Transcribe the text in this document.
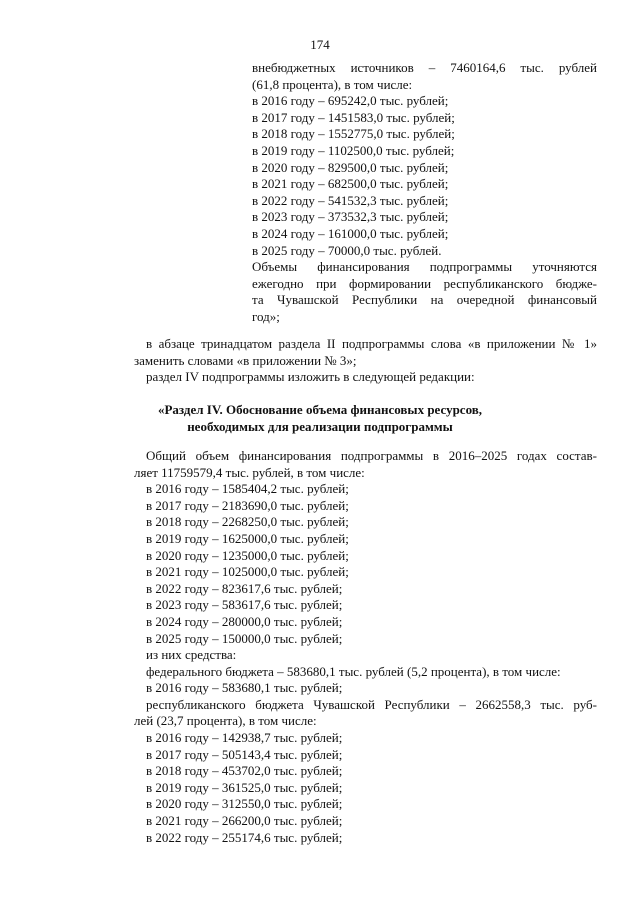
174
внебюджетных источников – 7460164,6 тыс. рублей
(61,8 процента), в том числе:
в 2016 году – 695242,0 тыс. рублей;
в 2017 году – 1451583,0 тыс. рублей;
в 2018 году – 1552775,0 тыс. рублей;
в 2019 году – 1102500,0 тыс. рублей;
в 2020 году – 829500,0 тыс. рублей;
в 2021 году – 682500,0 тыс. рублей;
в 2022 году – 541532,3 тыс. рублей;
в 2023 году – 373532,3 тыс. рублей;
в 2024 году – 161000,0 тыс. рублей;
в 2025 году – 70000,0 тыс. рублей.
Объемы финансирования подпрограммы уточняются
ежегодно при формировании республиканского бюдже-
та Чувашской Республики на очередной финансовый
год»;
в абзаце тринадцатом раздела II подпрограммы слова «в приложении № 1»
заменить словами «в приложении № 3»;
раздел IV подпрограммы изложить в следующей редакции:
«Раздел IV. Обоснование объема финансовых ресурсов,
необходимых для реализации подпрограммы
Общий объем финансирования подпрограммы в 2016–2025 годах состав-
ляет 11759579,4 тыс. рублей, в том числе:
в 2016 году – 1585404,2 тыс. рублей;
в 2017 году – 2183690,0 тыс. рублей;
в 2018 году – 2268250,0 тыс. рублей;
в 2019 году – 1625000,0 тыс. рублей;
в 2020 году – 1235000,0 тыс. рублей;
в 2021 году – 1025000,0 тыс. рублей;
в 2022 году – 823617,6 тыс. рублей;
в 2023 году – 583617,6 тыс. рублей;
в 2024 году – 280000,0 тыс. рублей;
в 2025 году – 150000,0 тыс. рублей;
из них средства:
федерального бюджета – 583680,1 тыс. рублей (5,2 процента), в том числе:
в 2016 году – 583680,1 тыс. рублей;
республиканского бюджета Чувашской Республики – 2662558,3 тыс. руб-
лей (23,7 процента), в том числе:
в 2016 году – 142938,7 тыс. рублей;
в 2017 году – 505143,4 тыс. рублей;
в 2018 году – 453702,0 тыс. рублей;
в 2019 году – 361525,0 тыс. рублей;
в 2020 году – 312550,0 тыс. рублей;
в 2021 году – 266200,0 тыс. рублей;
в 2022 году – 255174,6 тыс. рублей;
